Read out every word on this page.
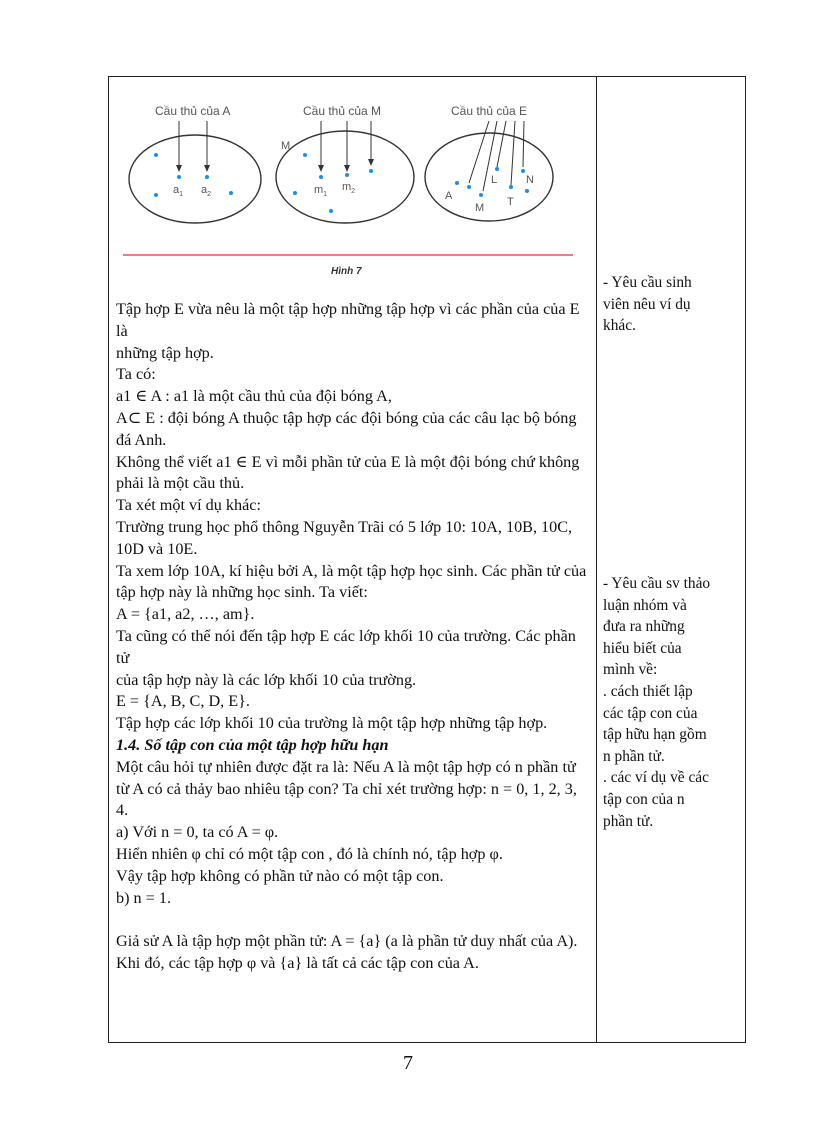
Cầu thủ của A
$a_1$ $a_2$
Cầu thủ của M
M
$m_1$
$m_2$
Cầu thủ của E
A
M
L
T
N
Hình 7

Tập hợp E vừa nêu là một tập hợp những tập hợp vì các phần của của E là

những tập hợp.

Ta có:

a1 ∈ A : a1 là một cầu thủ của đội bóng A,

A⊂ E : đội bóng A thuộc tập hợp các đội bóng của các câu lạc bộ bóng đá Anh.

Không thể viết a1 ∈ E vì mỗi phần tử của E là một đội bóng chứ không phải là một cầu thủ.

Ta xét một ví dụ khác:

Trường trung học phổ thông Nguyễn Trãi có 5 lớp 10: 10A, 10B, 10C, 10D và 10E.

Ta xem lớp 10A, kí hiệu bởi A, là một tập hợp học sinh. Các phần tử của

tập hợp này là những học sinh. Ta viết:

A = {a1, a2, …, am}.

Ta cũng có thể nói đến tập hợp E các lớp khối 10 của trường. Các phần tử

của tập hợp này là các lớp khối 10 của trường.

E = {A, B, C, D, E}.

Tập hợp các lớp khối 10 của trường là một tập hợp những tập hợp.

1.4. Số tập con của một tập hợp hữu hạn

Một câu hỏi tự nhiên được đặt ra là: Nếu A là một tập hợp có n phần tử từ A có cả thảy bao nhiêu tập con? Ta chỉ xét trường hợp: n = 0, 1, 2, 3, 4.

a) Với n = 0, ta có A = φ.

Hiển nhiên φ chỉ có một tập con , đó là chính nó, tập hợp φ.

Vậy tập hợp không có phần tử nào có một tập con.

b) n = 1.

Giả sử A là tập hợp một phần tử: A = {a} (a là phần tử duy nhất của A).

Khi đó, các tập hợp φ và {a} là tất cả các tập con của A.

- Yêu cầu sinh

viên nêu ví dụ

khác.

- Yêu cầu sv thảo

luận nhóm và

đưa ra những

hiểu biết của

mình về:

. cách thiết lập

các tập con của

tập hữu hạn gồm

n phần tử.

. các ví dụ về các

tập con của n

phần tử.

7
